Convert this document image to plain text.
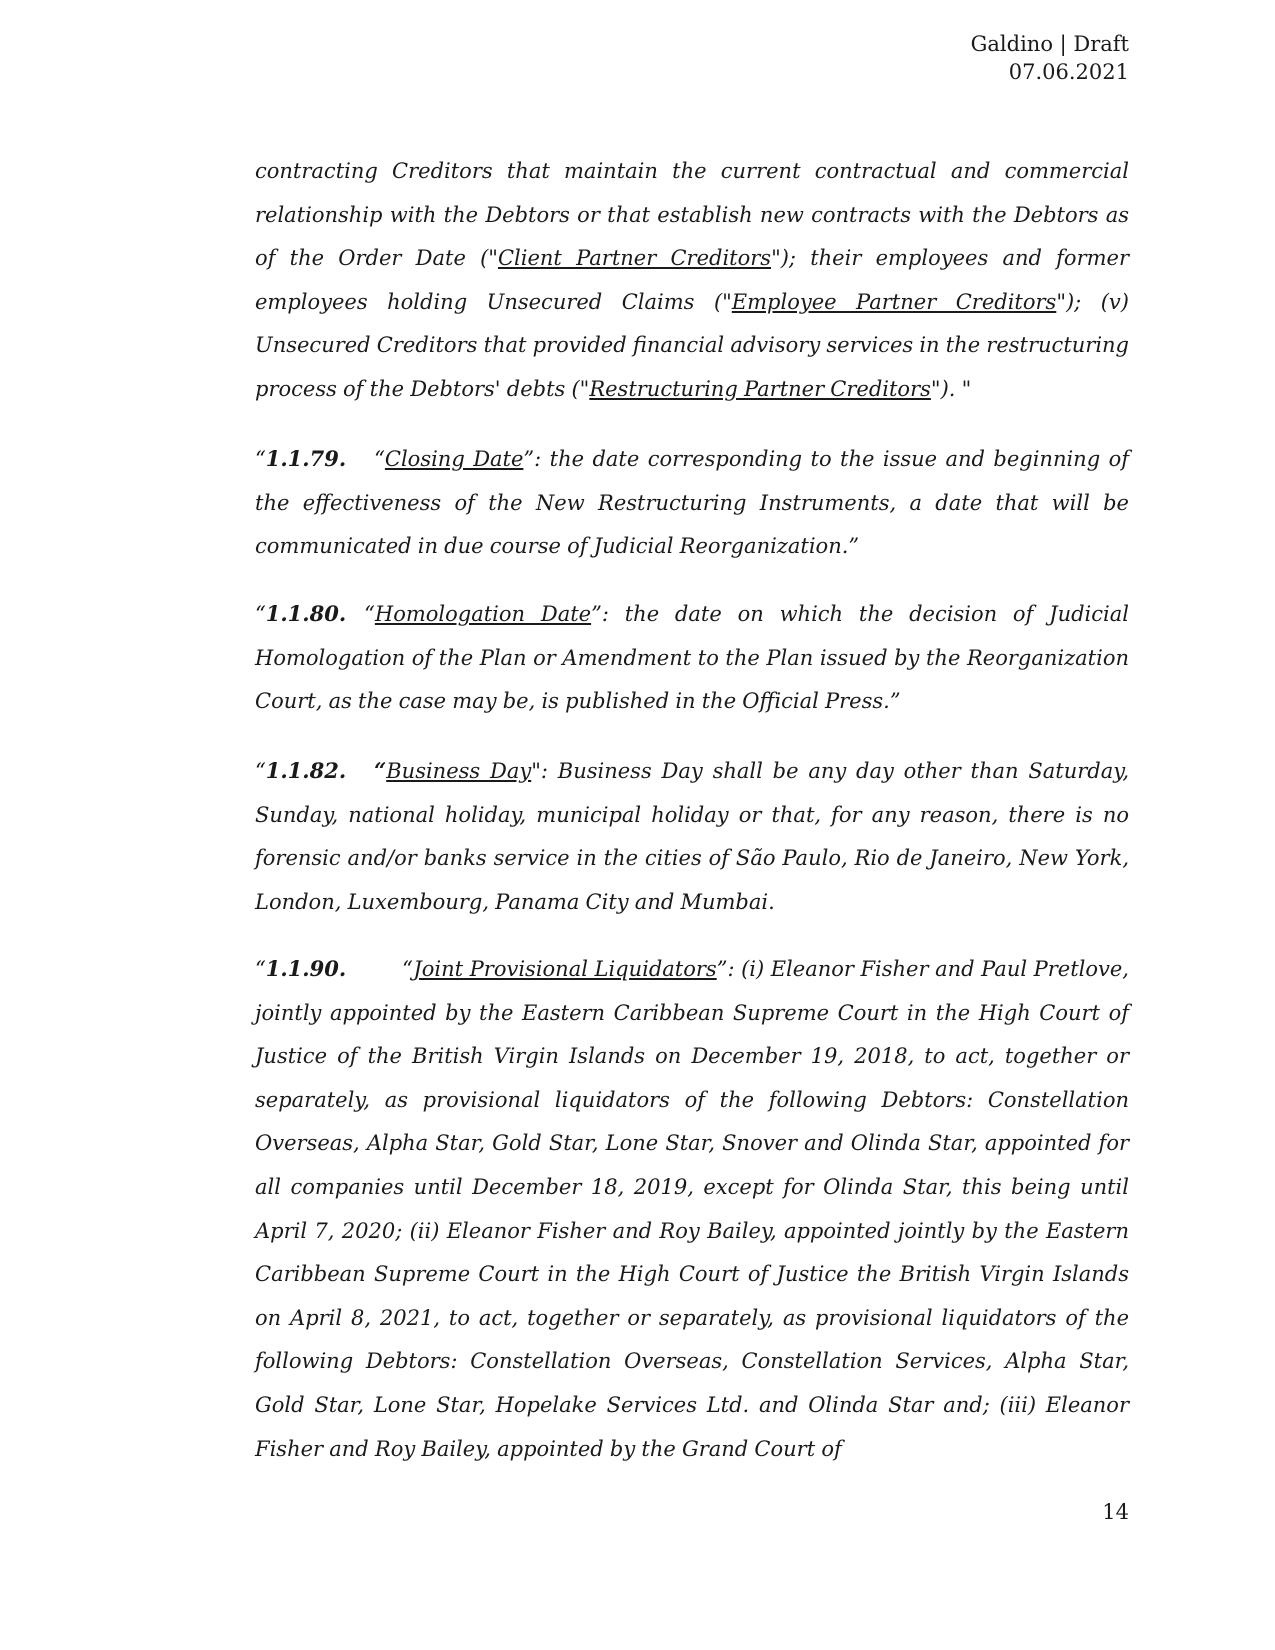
Galdino | Draft
07.06.2021

contracting Creditors that maintain the current contractual and commercial relationship with the Debtors or that establish new contracts with the Debtors as of the Order Date ("Client Partner Creditors"); their employees and former employees holding Unsecured Claims ("Employee Partner Creditors"); (v) Unsecured Creditors that provided financial advisory services in the restructuring process of the Debtors' debts ("Restructuring Partner Creditors"). "

“1.1.79. “Closing Date”: the date corresponding to the issue and beginning of the effectiveness of the New Restructuring Instruments, a date that will be communicated in due course of Judicial Reorganization.”

“1.1.80. “Homologation Date”: the date on which the decision of Judicial Homologation of the Plan or Amendment to the Plan issued by the Reorganization Court, as the case may be, is published in the Official Press.”

“1.1.82. “Business Day": Business Day shall be any day other than Saturday, Sunday, national holiday, municipal holiday or that, for any reason, there is no forensic and/or banks service in the cities of São Paulo, Rio de Janeiro, New York, London, Luxembourg, Panama City and Mumbai.

“1.1.90.	“Joint Provisional Liquidators”: (i) Eleanor Fisher and Paul Pretlove, jointly appointed by the Eastern Caribbean Supreme Court in the High Court of Justice of the British Virgin Islands on December 19, 2018, to act, together or separately, as provisional liquidators of the following Debtors: Constellation Overseas, Alpha Star, Gold Star, Lone Star, Snover and Olinda Star, appointed for all companies until December 18, 2019, except for Olinda Star, this being until April 7, 2020; (ii) Eleanor Fisher and Roy Bailey, appointed jointly by the Eastern Caribbean Supreme Court in the High Court of Justice the British Virgin Islands on April 8, 2021, to act, together or separately, as provisional liquidators of the following Debtors: Constellation Overseas, Constellation Services, Alpha Star, Gold Star, Lone Star, Hopelake Services Ltd. and Olinda Star and; (iii) Eleanor Fisher and Roy Bailey, appointed by the Grand Court of

14
